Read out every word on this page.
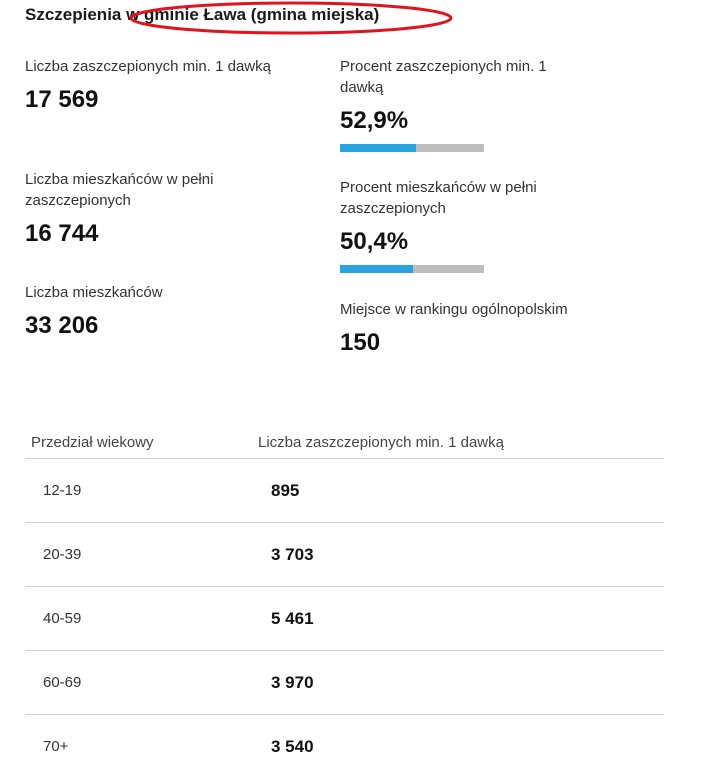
Szczepienia w gminie Ława (gmina miejska)
Liczba zaszczepionych min. 1 dawką
17 569
Liczba mieszkańców w pełni zaszczepionych
16 744
Liczba mieszkańców
33 206
Procent zaszczepionych min. 1 dawką
52,9%
Procent mieszkańców w pełni zaszczepionych
50,4%
Miejsce w rankingu ogólnopolskim
150
Przedział wiekowy	Liczba zaszczepionych min. 1 dawką
12-19	895
20-39	3 703
40-59	5 461
60-69	3 970
70+	3 540
